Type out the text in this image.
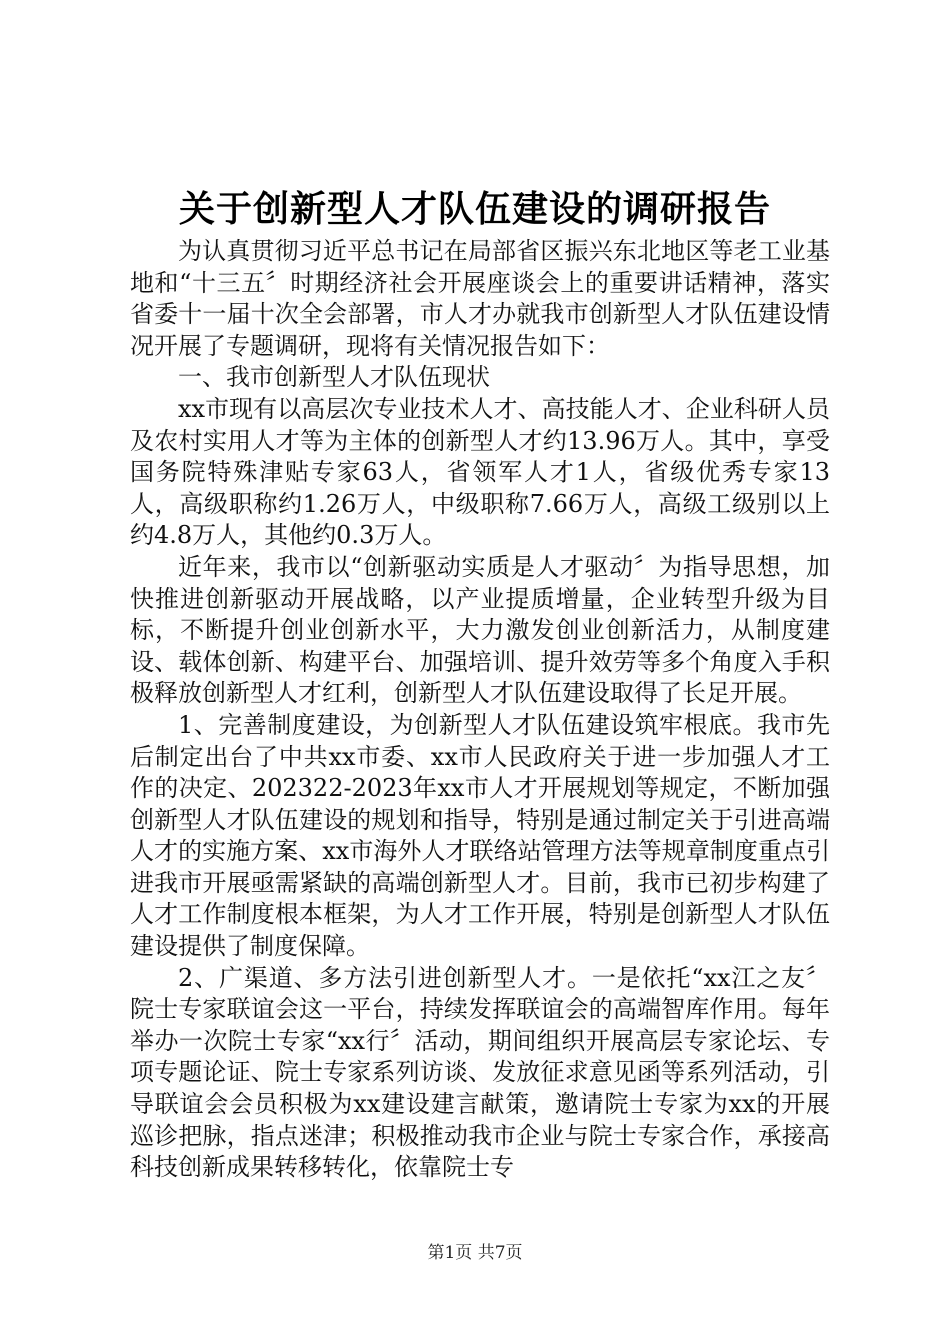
关于创新型人才队伍建设的调研报告

为认真贯彻习近平总书记在局部省区振兴东北地区等老工业基地和“十三五〞时期经济社会开展座谈会上的重要讲话精神，落实省委十一届十次全会部署，市人才办就我市创新型人才队伍建设情况开展了专题调研，现将有关情况报告如下：

一、我市创新型人才队伍现状

xx市现有以高层次专业技术人才、高技能人才、企业科研人员及农村实用人才等为主体的创新型人才约13.96万人。其中，享受国务院特殊津贴专家63人，省领军人才1人，省级优秀专家13人，高级职称约1.26万人，中级职称7.66万人，高级工级别以上约4.8万人，其他约0.3万人。

近年来，我市以“创新驱动实质是人才驱动〞为指导思想，加快推进创新驱动开展战略，以产业提质增量，企业转型升级为目标，不断提升创业创新水平，大力激发创业创新活力，从制度建设、载体创新、构建平台、加强培训、提升效劳等多个角度入手积极释放创新型人才红利，创新型人才队伍建设取得了长足开展。

1、完善制度建设，为创新型人才队伍建设筑牢根底。我市先后制定出台了中共xx市委、xx市人民政府关于进一步加强人才工作的决定、202322-2023年xx市人才开展规划等规定，不断加强创新型人才队伍建设的规划和指导，特别是通过制定关于引进高端人才的实施方案、xx市海外人才联络站管理方法等规章制度重点引进我市开展亟需紧缺的高端创新型人才。目前，我市已初步构建了人才工作制度根本框架，为人才工作开展，特别是创新型人才队伍建设提供了制度保障。

2、广渠道、多方法引进创新型人才。一是依托“xx江之友〞院士专家联谊会这一平台，持续发挥联谊会的高端智库作用。每年举办一次院士专家“xx行〞活动，期间组织开展高层专家论坛、专项专题论证、院士专家系列访谈、发放征求意见函等系列活动，引导联谊会会员积极为xx建设建言献策，邀请院士专家为xx的开展巡诊把脉，指点迷津；积极推动我市企业与院士专家合作，承接高科技创新成果转移转化，依靠院士专

第1页 共7页
